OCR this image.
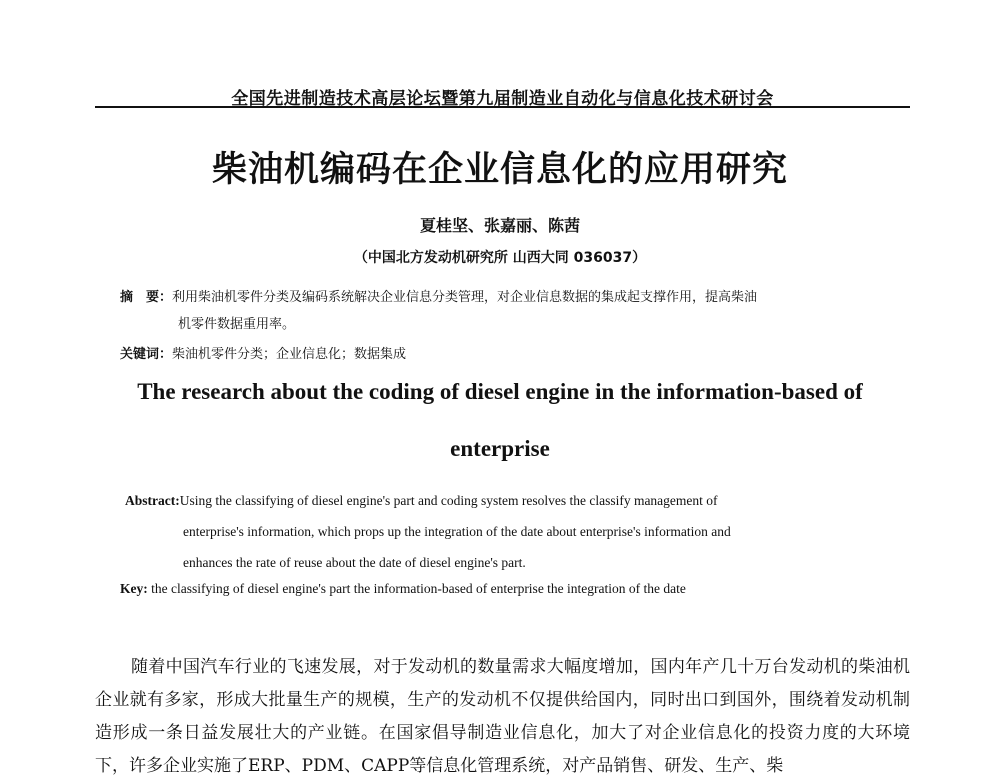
全国先进制造技术高层论坛暨第九届制造业自动化与信息化技术研讨会
柴油机编码在企业信息化的应用研究
夏桂坚、张嘉丽、陈茜
（中国北方发动机研究所 山西大同 036037）
摘　要：利用柴油机零件分类及编码系统解决企业信息分类管理，对企业信息数据的集成起支撑作用，提高柴油
机零件数据重用率。
关键词：柴油机零件分类；企业信息化；数据集成
The research about the coding of diesel engine in the information-based of
enterprise
Abstract:Using the classifying of diesel engine's part and coding system resolves the classify management of
enterprise's information, which props up the integration of the date about enterprise's information and
enhances the rate of reuse about the date of diesel engine's part.
Key: the classifying of diesel engine's part the information-based of enterprise the integration of the date
随着中国汽车行业的飞速发展，对于发动机的数量需求大幅度增加，国内年产几十万台发动机的柴油机企业就有多家，形成大批量生产的规模，生产的发动机不仅提供给国内，同时出口到国外，围绕着发动机制造形成一条日益发展壮大的产业链。在国家倡导制造业信息化，加大了对企业信息化的投资力度的大环境下，许多企业实施了ERP、PDM、CAPP等信息化管理系统，对产品销售、研发、生产、柴
